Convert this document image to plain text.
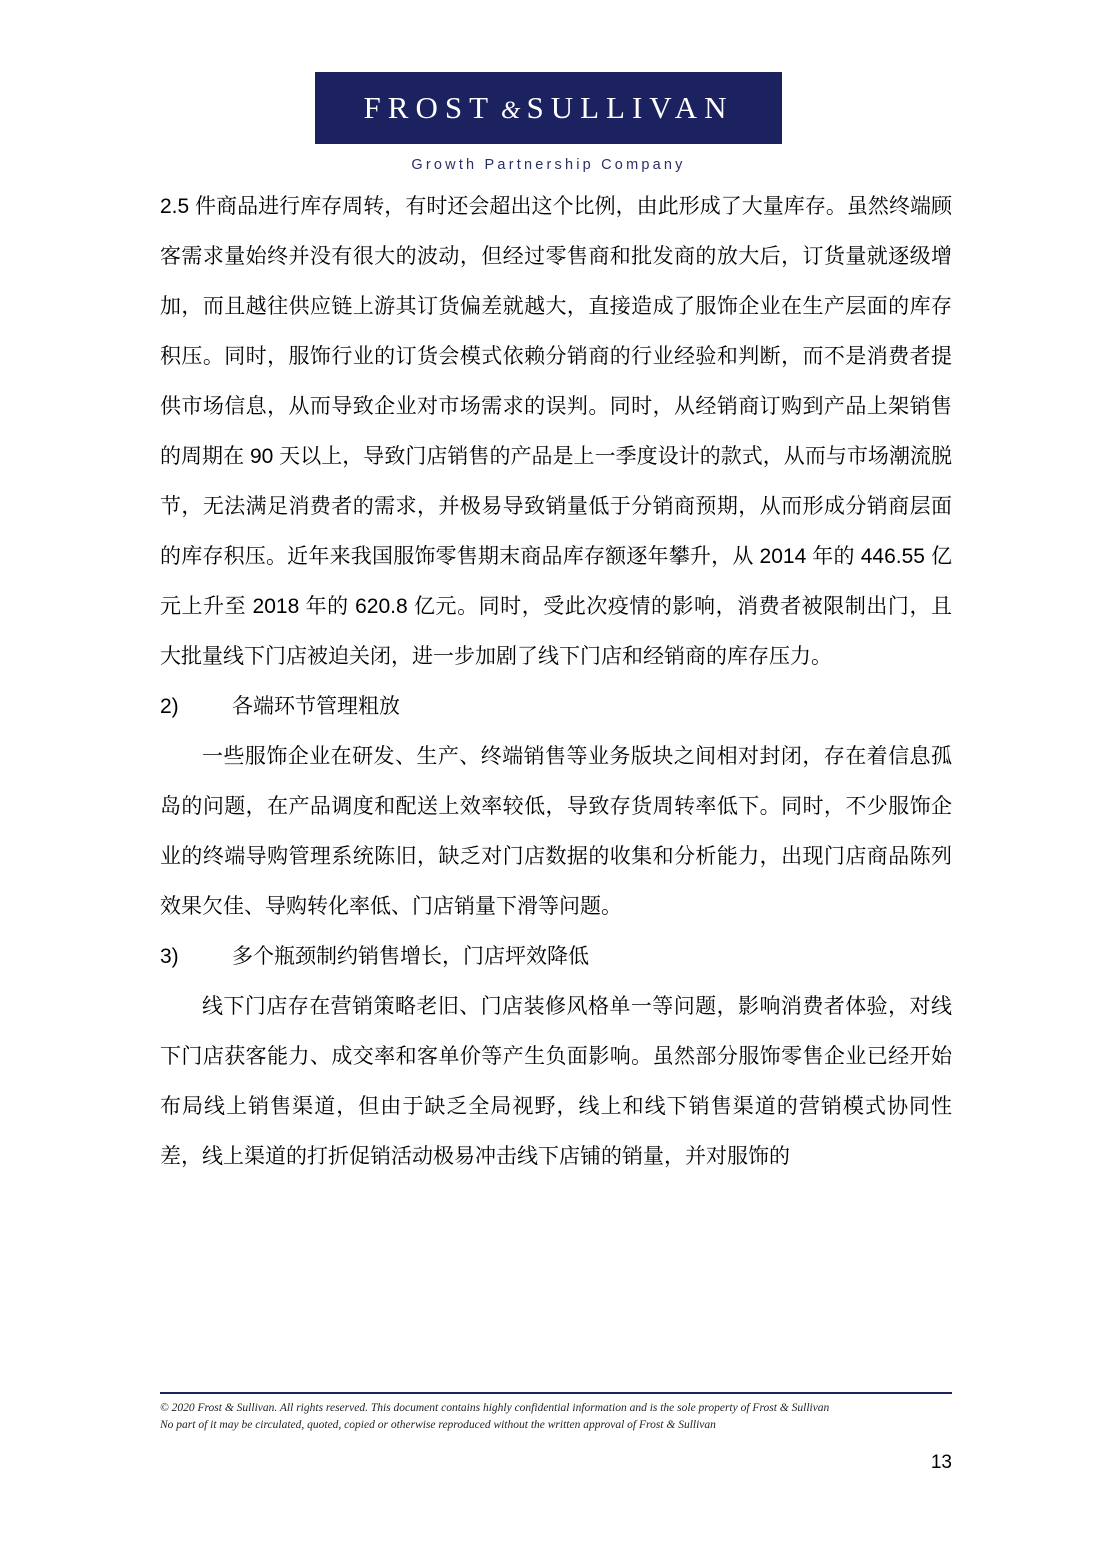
FROST & SULLIVAN
Growth Partnership Company

2.5 件商品进行库存周转，有时还会超出这个比例，由此形成了大量库存。虽然终端顾客需求量始终并没有很大的波动，但经过零售商和批发商的放大后，订货量就逐级增加，而且越往供应链上游其订货偏差就越大，直接造成了服饰企业在生产层面的库存积压。同时，服饰行业的订货会模式依赖分销商的行业经验和判断，而不是消费者提供市场信息，从而导致企业对市场需求的误判。同时，从经销商订购到产品上架销售的周期在 90 天以上，导致门店销售的产品是上一季度设计的款式，从而与市场潮流脱节，无法满足消费者的需求，并极易导致销量低于分销商预期，从而形成分销商层面的库存积压。近年来我国服饰零售期末商品库存额逐年攀升，从 2014 年的 446.55 亿元上升至 2018 年的 620.8 亿元。同时，受此次疫情的影响，消费者被限制出门，且大批量线下门店被迫关闭，进一步加剧了线下门店和经销商的库存压力。

2)	各端环节管理粗放

一些服饰企业在研发、生产、终端销售等业务版块之间相对封闭，存在着信息孤岛的问题，在产品调度和配送上效率较低，导致存货周转率低下。同时，不少服饰企业的终端导购管理系统陈旧，缺乏对门店数据的收集和分析能力，出现门店商品陈列效果欠佳、导购转化率低、门店销量下滑等问题。

3)	多个瓶颈制约销售增长，门店坪效降低

线下门店存在营销策略老旧、门店装修风格单一等问题，影响消费者体验，对线下门店获客能力、成交率和客单价等产生负面影响。虽然部分服饰零售企业已经开始布局线上销售渠道，但由于缺乏全局视野，线上和线下销售渠道的营销模式协同性差，线上渠道的打折促销活动极易冲击线下店铺的销量，并对服饰的

© 2020 Frost & Sullivan. All rights reserved. This document contains highly confidential information and is the sole property of Frost & Sullivan
No part of it may be circulated, quoted, copied or otherwise reproduced without the written approval of Frost & Sullivan
13
